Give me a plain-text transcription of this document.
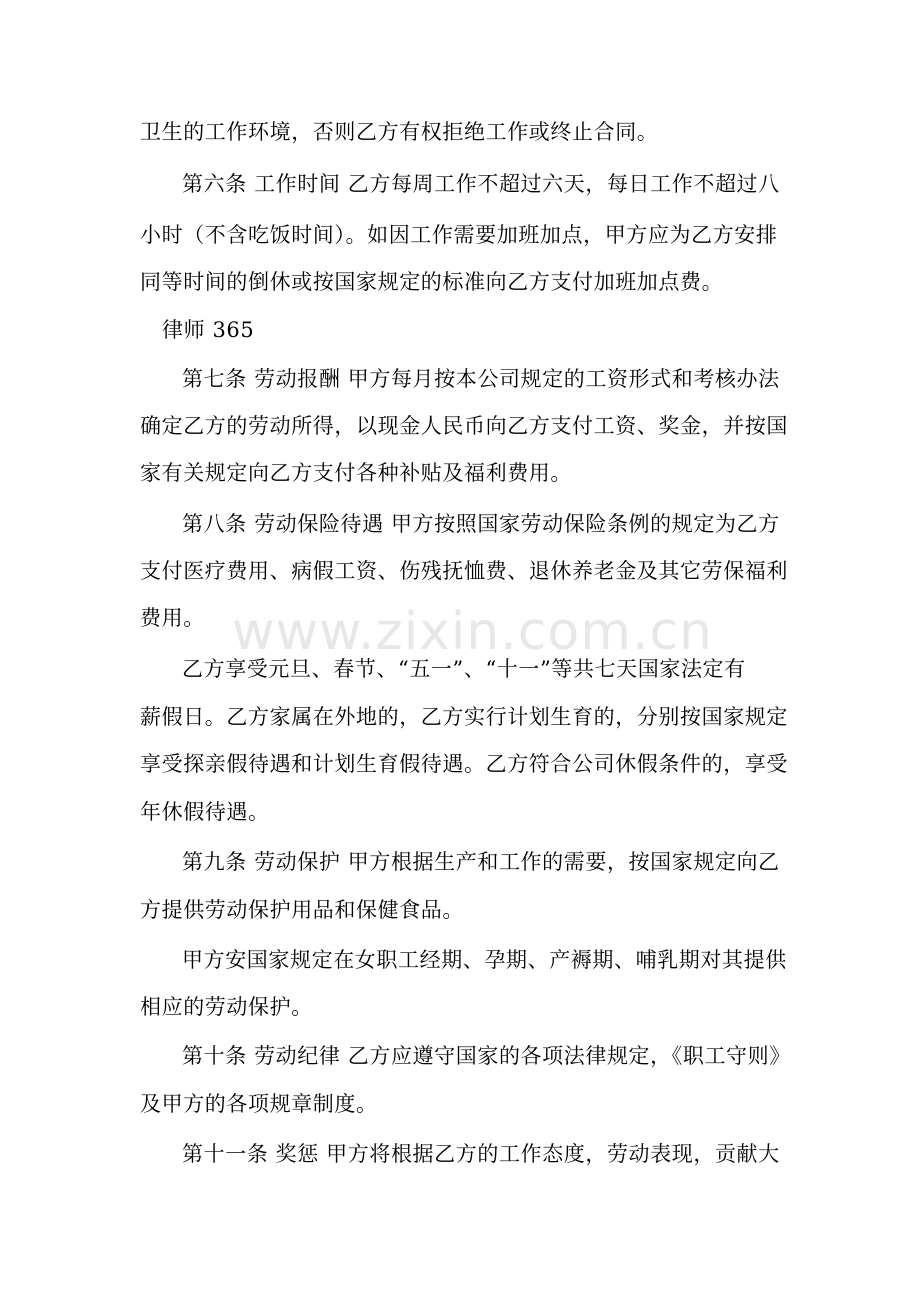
www.zixin.com.cn
卫生的工作环境，否则乙方有权拒绝工作或终止合同。
第六条 工作时间 乙方每周工作不超过六天，每日工作不超过八
小时（不含吃饭时间）。如因工作需要加班加点，甲方应为乙方安排
同等时间的倒休或按国家规定的标准向乙方支付加班加点费。
律师 365
第七条 劳动报酬 甲方每月按本公司规定的工资形式和考核办法
确定乙方的劳动所得，以现金人民币向乙方支付工资、奖金，并按国
家有关规定向乙方支付各种补贴及福利费用。
第八条 劳动保险待遇 甲方按照国家劳动保险条例的规定为乙方
支付医疗费用、病假工资、伤残抚恤费、退休养老金及其它劳保福利
费用。
乙方享受元旦、春节、“五一”、“十一”等共七天国家法定有
薪假日。乙方家属在外地的，乙方实行计划生育的，分别按国家规定
享受探亲假待遇和计划生育假待遇。乙方符合公司休假条件的，享受
年休假待遇。
第九条 劳动保护 甲方根据生产和工作的需要，按国家规定向乙
方提供劳动保护用品和保健食品。
甲方安国家规定在女职工经期、孕期、产褥期、哺乳期对其提供
相应的劳动保护。
第十条 劳动纪律 乙方应遵守国家的各项法律规定，《职工守则》
及甲方的各项规章制度。
第十一条 奖惩 甲方将根据乙方的工作态度，劳动表现，贡献大
